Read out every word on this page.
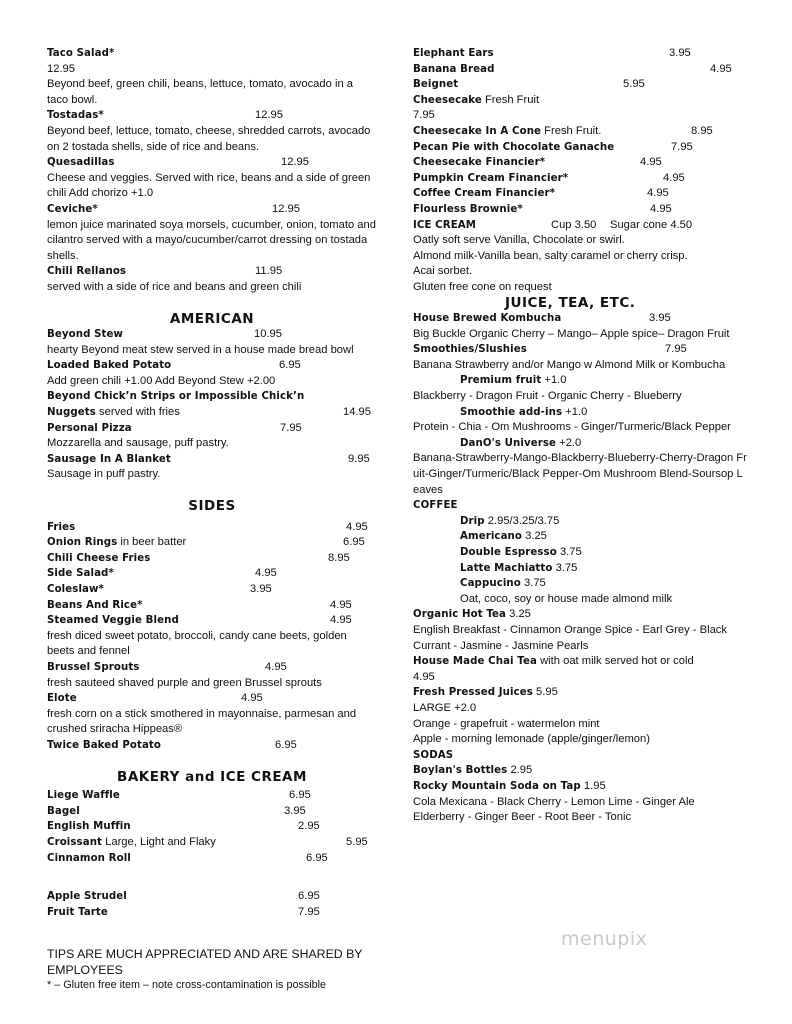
Taco Salad*
12.95
Beyond beef, green chili, beans, lettuce, tomato, avocado in a taco bowl.
Tostadas*	12.95
Beyond beef, lettuce, tomato, cheese, shredded carrots, avocado on 2 tostada shells, side of rice and beans.
Quesadillas	12.95
Cheese and veggies. Served with rice, beans and a side of green chili Add chorizo +1.0
Ceviche*	12.95
lemon juice marinated soya morsels, cucumber, onion, tomato and cilantro served with a mayo/cucumber/carrot dressing on tostada shells.
Chili Rellanos	11.95
served with a side of rice and beans and green chili
AMERICAN
Beyond Stew	10.95
hearty Beyond meat stew served in a house made bread bowl
Loaded Baked Potato	6.95
Add green chili +1.00 Add Beyond Stew +2.00
Beyond Chick’n Strips or Impossible Chick’n
Nuggets served with fries	14.95
Personal Pizza	7.95
Mozzarella and sausage, puff pastry.
Sausage In A Blanket	9.95
Sausage in puff pastry.
SIDES
Fries	4.95
Onion Rings in beer batter	6.95
Chili Cheese Fries	8.95
Side Salad*	4.95
Coleslaw*	3.95
Beans And Rice*	4.95
Steamed Veggie Blend	4.95
fresh diced sweet potato, broccoli, candy cane beets, golden beets and fennel
Brussel Sprouts	4.95
fresh sauteed shaved purple and green Brussel sprouts
Elote	4.95
fresh corn on a stick smothered in mayonnaise, parmesan and crushed sriracha Hippeas®
Twice Baked Potato	6.95
BAKERY and ICE CREAM
Liege Waffle	6.95
Bagel	3.95
English Muffin	2.95
Croissant Large, Light and Flaky	5.95
Cinnamon Roll	6.95
Apple Strudel	6.95
Fruit Tarte	7.95
Elephant Ears	3.95
Banana Bread	4.95
Beignet	5.95
Cheesecake Fresh Fruit
7.95
Cheesecake In A Cone Fresh Fruit.	8.95
Pecan Pie with Chocolate Ganache	7.95
Cheesecake Financier*	4.95
Pumpkin Cream Financier*	4.95
Coffee Cream Financier*	4.95
Flourless Brownie*	4.95
ICE CREAM	Cup 3.50 Sugar cone 4.50
Oatly soft serve Vanilla, Chocolate or swirl.
Almond milk-Vanilla bean, salty caramel or cherry crisp.
Acai sorbet.
Gluten free cone on request
JUICE, TEA, ETC.
House Brewed Kombucha	3.95
Big Buckle Organic Cherry – Mango– Apple spice– Dragon Fruit
Smoothies/Slushies	7.95
Banana Strawberry and/or Mango w Almond Milk or Kombucha
Premium fruit +1.0
Blackberry - Dragon Fruit - Organic Cherry - Blueberry
Smoothie add-ins +1.0
Protein - Chia - Om Mushrooms - Ginger/Turmeric/Black Pepper
DanO's Universe +2.0
Banana-Strawberry-Mango-Blackberry-Blueberry-Cherry-Dragon Fruit-Ginger/Turmeric/Black Pepper-Om Mushroom Blend-Soursop Leaves
COFFEE
Drip 2.95/3.25/3.75
Americano 3.25
Double Espresso 3.75
Latte Machiatto 3.75
Cappucino 3.75
Oat, coco, soy or house made almond milk
Organic Hot Tea 3.25
English Breakfast - Cinnamon Orange Spice - Earl Grey - Black Currant - Jasmine - Jasmine Pearls
House Made Chai Tea with oat milk served hot or cold
4.95
Fresh Pressed Juices 5.95
LARGE +2.0
Orange - grapefruit - watermelon mint
Apple - morning lemonade (apple/ginger/lemon)
SODAS
Boylan's Bottles 2.95
Rocky Mountain Soda on Tap 1.95
Cola Mexicana - Black Cherry - Lemon Lime - Ginger Ale Elderberry - Ginger Beer - Root Beer - Tonic
TIPS ARE MUCH APPRECIATED AND ARE SHARED BY EMPLOYEES
* – Gluten free item – note cross-contamination is possible
menupix
